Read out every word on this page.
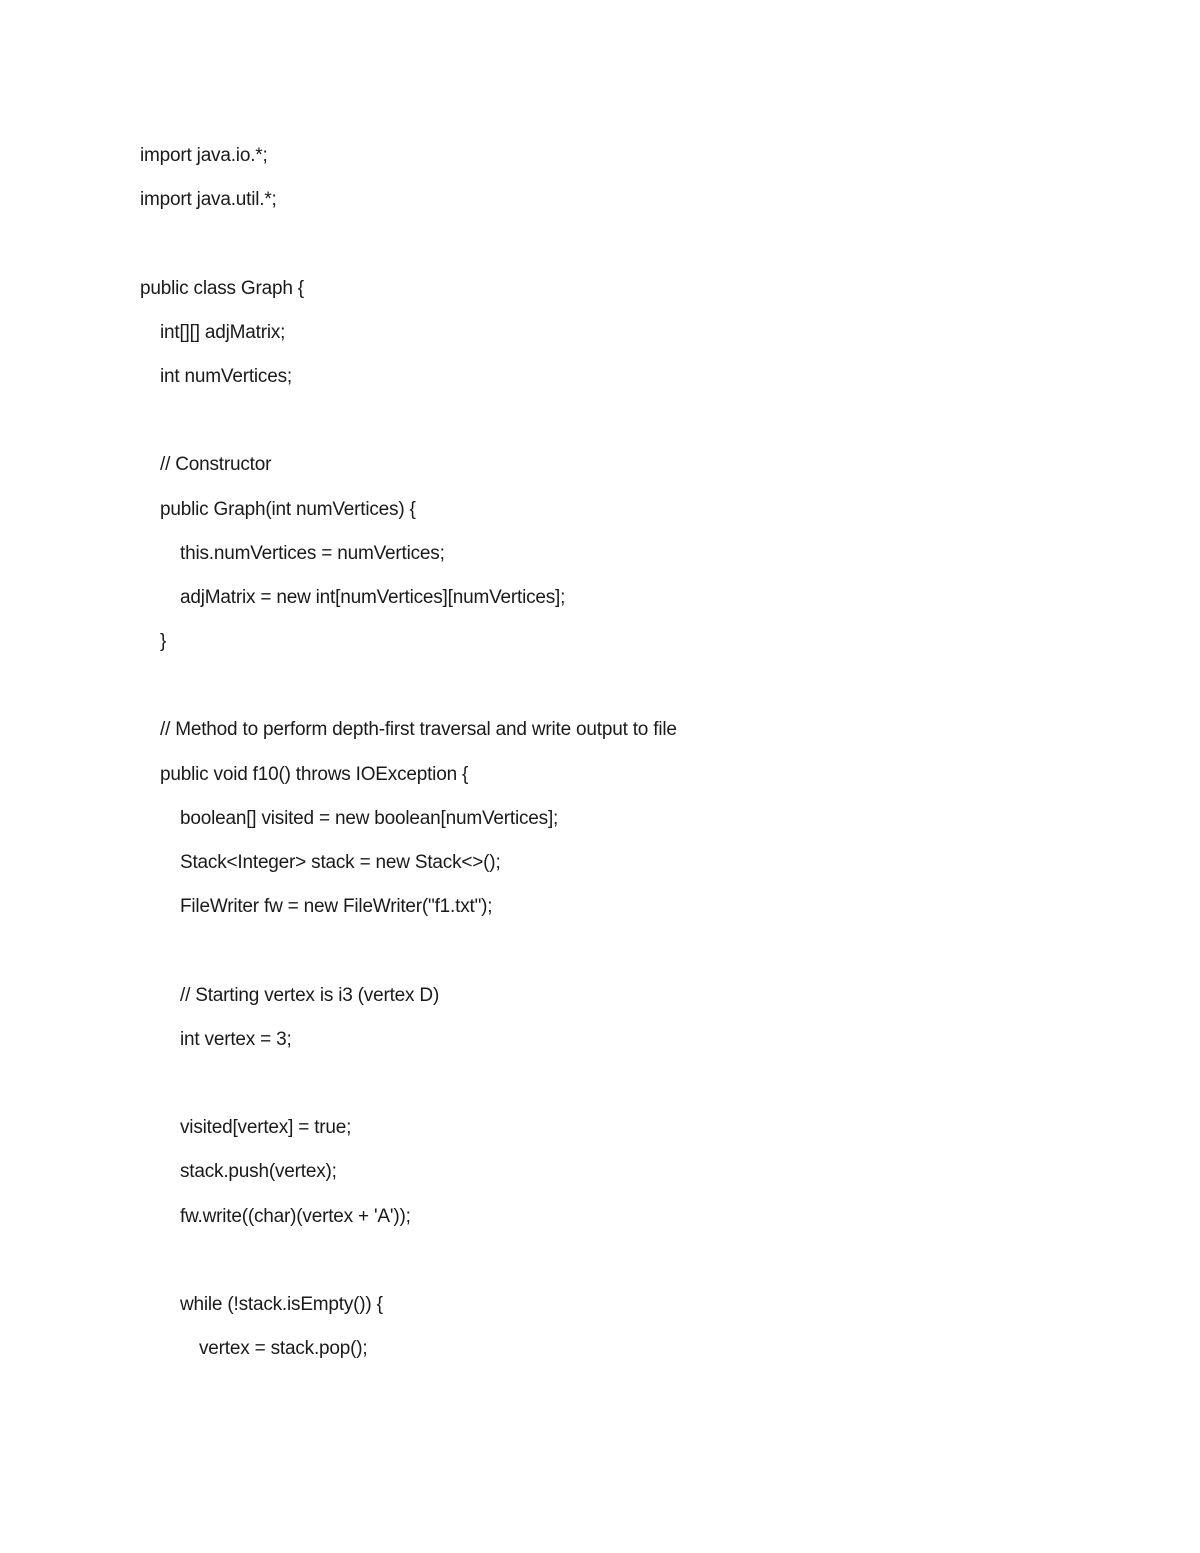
import java.io.*;
import java.util.*;
public class Graph {
int[][] adjMatrix;
int numVertices;
// Constructor
public Graph(int numVertices) {
this.numVertices = numVertices;
adjMatrix = new int[numVertices][numVertices];
}
// Method to perform depth-first traversal and write output to file
public void f10() throws IOException {
boolean[] visited = new boolean[numVertices];
Stack<Integer> stack = new Stack<>();
FileWriter fw = new FileWriter("f1.txt");
// Starting vertex is i3 (vertex D)
int vertex = 3;
visited[vertex] = true;
stack.push(vertex);
fw.write((char)(vertex + 'A'));
while (!stack.isEmpty()) {
vertex = stack.pop();
